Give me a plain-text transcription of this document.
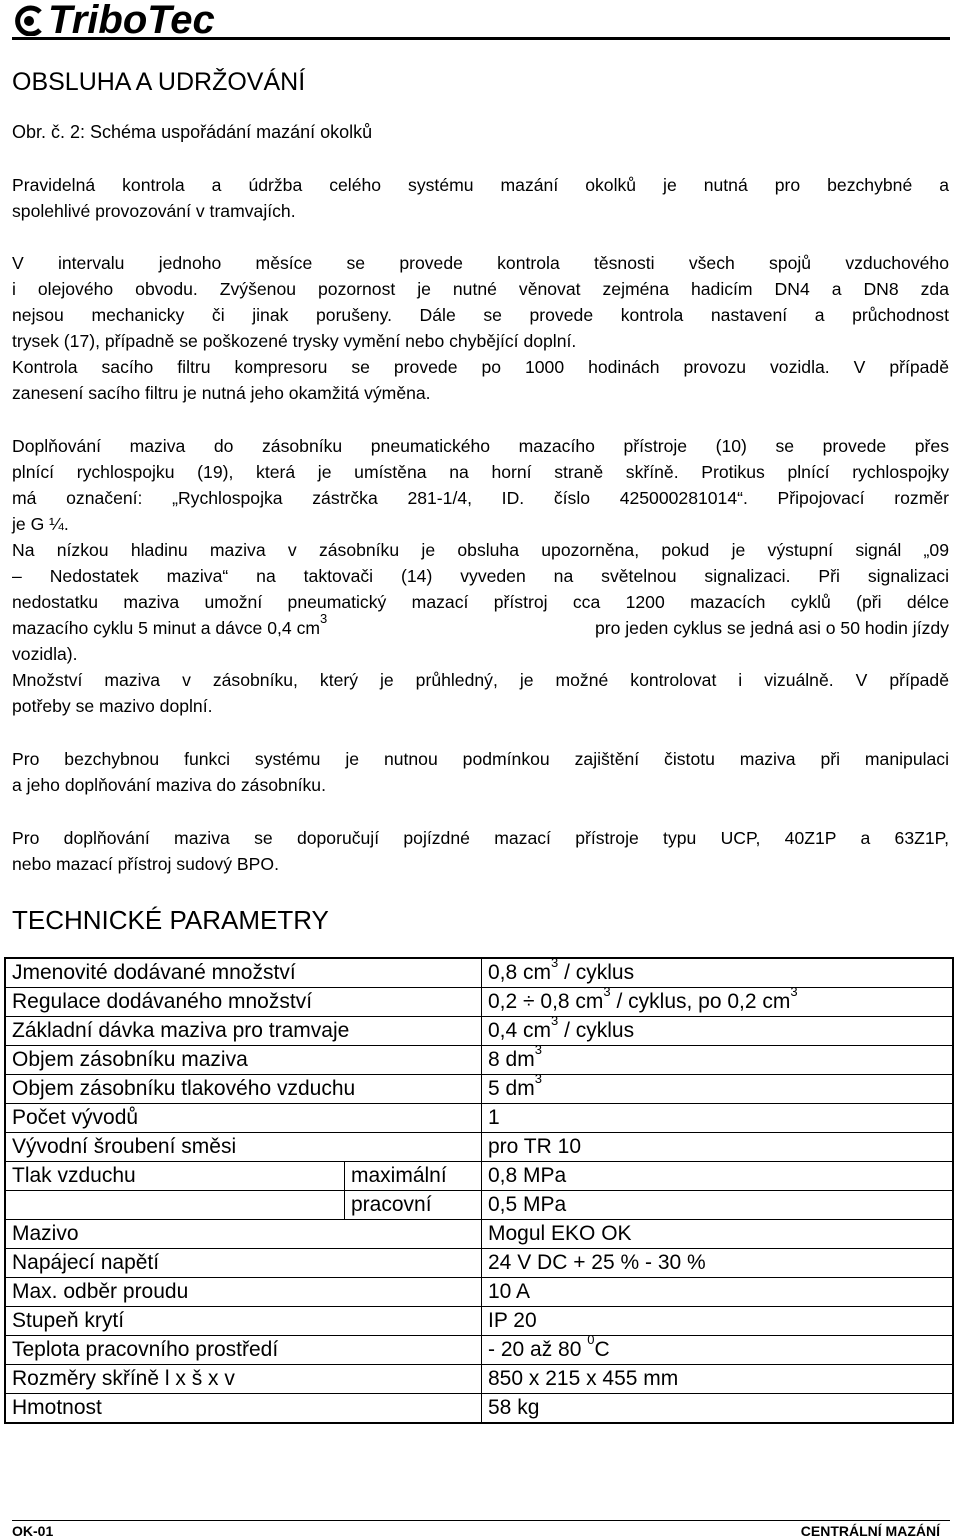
TriboTec
OBSLUHA A UDRŽOVÁNÍ
Obr. č. 2: Schéma uspořádání mazání okolků
Pravidelná kontrola a údržba celého systému mazání okolků je nutná pro bezchybné a
spolehlivé provozování v tramvajích.
V intervalu jednoho měsíce se provede kontrola těsnosti všech spojů vzduchového
i olejového obvodu. Zvýšenou pozornost je nutné věnovat zejména hadicím DN4 a DN8 zda
nejsou mechanicky či jinak porušeny. Dále se provede kontrola nastavení a průchodnost
trysek (17), případně se poškozené trysky vymění nebo chybějící doplní.
Kontrola sacího filtru kompresoru se provede po 1000 hodinách provozu vozidla. V případě
zanesení sacího filtru je nutná jeho okamžitá výměna.
Doplňování maziva do zásobníku pneumatického mazacího přístroje (10) se provede přes
plnící rychlospojku (19), která je umístěna na horní straně skříně. Protikus plnící rychlospojky
má označení: „Rychlospojka zástrčka 281-1/4, ID. číslo 425000281014“. Připojovací rozměr
je G ¼.
Na nízkou hladinu maziva v zásobníku je obsluha upozorněna, pokud je výstupní signál „09
– Nedostatek maziva“ na taktovači (14) vyveden na světelnou signalizaci. Při signalizaci
nedostatku maziva umožní pneumatický mazací přístroj cca 1200 mazacích cyklů (při délce
mazacího cyklu 5 minut a dávce 0,4 $cm^3$	pro jeden cyklus se jedná asi o 50 hodin jízdy
vozidla).
Množství maziva v zásobníku, který je průhledný, je možné kontrolovat i vizuálně. V případě
potřeby se mazivo doplní.
Pro bezchybnou funkci systému je nutnou podmínkou zajištění čistotu maziva při manipulaci
a jeho doplňování maziva do zásobníku.
Pro doplňování maziva se doporučují pojízdné mazací přístroje typu UCP, 40Z1P a 63Z1P,
nebo mazací přístroj sudový BPO.
TECHNICKÉ PARAMETRY
Jmenovité dodávané množství		0,8 $cm^3$ / cyklus
Regulace dodávaného množství		0,2 ÷ 0,8 $cm^3$ / cyklus, po 0,2 $cm^3$
Základní dávka maziva pro tramvaje		0,4 $cm^3$ / cyklus
Objem zásobníku maziva		8 $dm^3$
Objem zásobníku tlakového vzduchu		5 $dm^3$
Počet vývodů		1
Vývodní šroubení směsi		pro TR 10
Tlak vzduchu	maximální	0,8 MPa
	pracovní	0,5 MPa
Mazivo		Mogul EKO OK
Napájecí napětí		24 V DC + 25 % - 30 %
Max. odběr proudu		10 A
Stupeň krytí		IP 20
Teplota pracovního prostředí		- 20 až 80 $^0$C
Rozměry skříně l x š x v		850 x 215 x 455 mm
Hmotnost		58 kg
OK-01	CENTRÁLNÍ MAZÁNÍ
